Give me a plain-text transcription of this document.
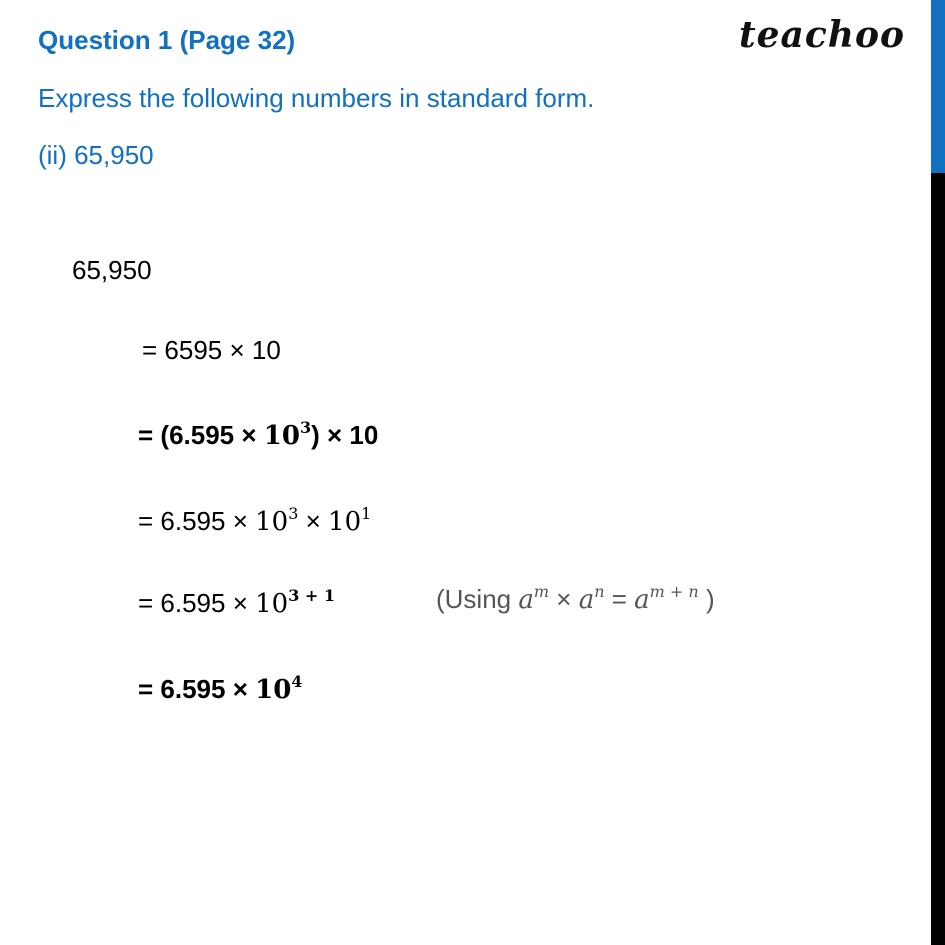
Question 1 (Page 32)
Express the following numbers in standard form.
(ii) 65,950
teachoo
65,950
= 6595 × 10
= $(6.595 \times 10^3) \times 10$
= $6.595 \times 10^3 \times 10^1$
= $6.595 \times 10^{3 + 1}$	(Using $a^m \times a^n = a^{m + n}$ )
= $6.595 \times 10^4$
